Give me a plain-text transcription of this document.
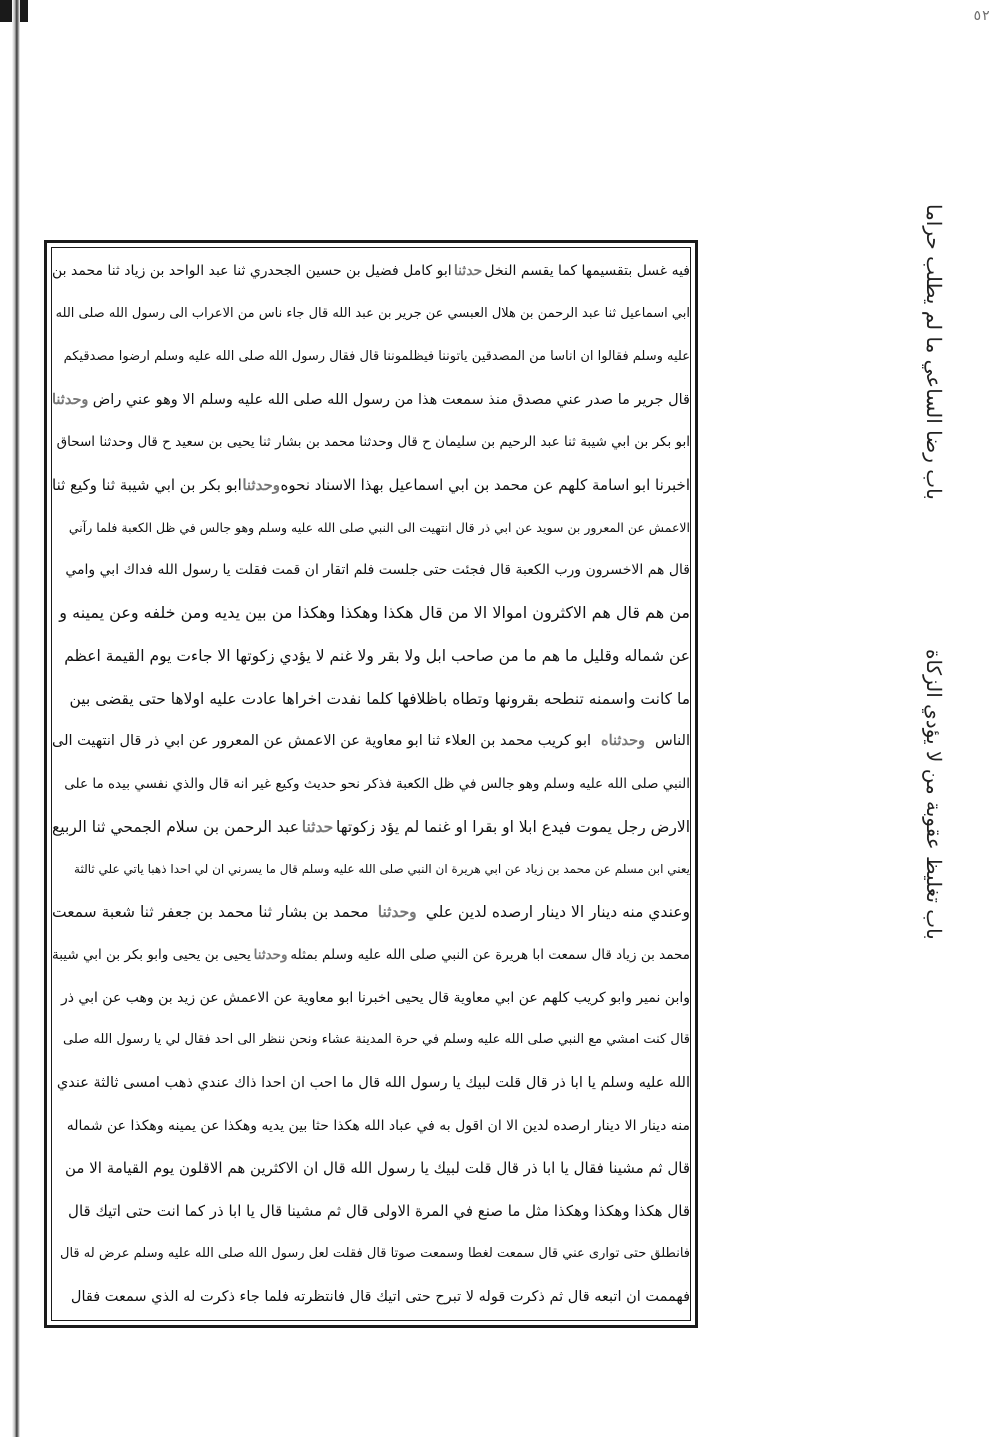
٥٢
فيه غسل بتقسيمها كما يقسم النخل
حدثنا
ابو كامل فضيل بن حسين الجحدري ثنا عبد الواحد بن زياد ثنا محمد بن
ابي اسماعيل ثنا عبد الرحمن بن هلال العبسي عن جرير بن عبد الله قال جاء ناس من الاعراب الى رسول الله صلى الله
عليه وسلم فقالوا ان اناسا من المصدقين ياتوننا فيظلموننا قال فقال رسول الله صلى الله عليه وسلم ارضوا مصدقيكم
قال جرير ما صدر عني مصدق منذ سمعت هذا من رسول الله صلى الله عليه وسلم الا وهو عني راض
وحدثنا
ابو بكر بن ابي شيبة ثنا عبد الرحيم بن سليمان ح قال وحدثنا محمد بن بشار ثنا يحيى بن سعيد ح قال وحدثنا اسحاق
اخبرنا ابو اسامة كلهم عن محمد بن ابي اسماعيل بهذا الاسناد نحوه
وحدثنا
ابو بكر بن ابي شيبة ثنا وكيع ثنا
الاعمش عن المعرور بن سويد عن ابي ذر قال انتهيت الى النبي صلى الله عليه وسلم وهو جالس في ظل الكعبة فلما رآني
قال هم الاخسرون ورب الكعبة قال فجئت حتى جلست فلم اتقار ان قمت فقلت يا رسول الله فداك ابي وامي
من هم قال هم الاكثرون اموالا الا من قال هكذا وهكذا وهكذا من بين يديه ومن خلفه وعن يمينه و
عن شماله وقليل ما هم ما من صاحب ابل ولا بقر ولا غنم لا يؤدي زكوتها الا جاءت يوم القيمة اعظم
ما كانت واسمنه تنطحه بقرونها وتطاه باظلافها كلما نفدت اخراها عادت عليه اولاها حتى يقضى بين
الناس
وحدثناه
ابو كريب محمد بن العلاء ثنا ابو معاوية عن الاعمش عن المعرور عن ابي ذر قال انتهيت الى
النبي صلى الله عليه وسلم وهو جالس في ظل الكعبة فذكر نحو حديث وكيع غير انه قال والذي نفسي بيده ما على
الارض رجل يموت فيدع ابلا او بقرا او غنما لم يؤد زكوتها
حدثنا
عبد الرحمن بن سلام الجمحي ثنا الربيع
يعني ابن مسلم عن محمد بن زياد عن ابي هريرة ان النبي صلى الله عليه وسلم قال ما يسرني ان لي احدا ذهبا ياتي علي ثالثة
وعندي منه دينار الا دينار ارصده لدين علي
وحدثنا
محمد بن بشار ثنا محمد بن جعفر ثنا شعبة سمعت
محمد بن زياد قال سمعت ابا هريرة عن النبي صلى الله عليه وسلم بمثله
وحدثنا
يحيى بن يحيى وابو بكر بن ابي شيبة
وابن نمير وابو كريب كلهم عن ابي معاوية قال يحيى اخبرنا ابو معاوية عن الاعمش عن زيد بن وهب عن ابي ذر
قال كنت امشي مع النبي صلى الله عليه وسلم في حرة المدينة عشاء ونحن ننظر الى احد فقال لي يا رسول الله صلى
الله عليه وسلم يا ابا ذر قال قلت لبيك يا رسول الله قال ما احب ان احدا ذاك عندي ذهب امسى ثالثة عندي
منه دينار الا دينار ارصده لدين الا ان اقول به في عباد الله هكذا حثا بين يديه وهكذا عن يمينه وهكذا عن شماله
قال ثم مشينا فقال يا ابا ذر قال قلت لبيك يا رسول الله قال ان الاكثرين هم الاقلون يوم القيامة الا من
قال هكذا وهكذا وهكذا مثل ما صنع في المرة الاولى قال ثم مشينا قال يا ابا ذر كما انت حتى اتيك قال
فانطلق حتى توارى عني قال سمعت لغطا وسمعت صوتا قال فقلت لعل رسول الله صلى الله عليه وسلم عرض له قال
فهممت ان اتبعه قال ثم ذكرت قوله لا تبرح حتى اتيك قال فانتظرته فلما جاء ذكرت له الذي سمعت فقال
باب رضا الساعي ما لم يطلب حراما
باب تغليظ عقوبة من لا يؤدي الزكاة
